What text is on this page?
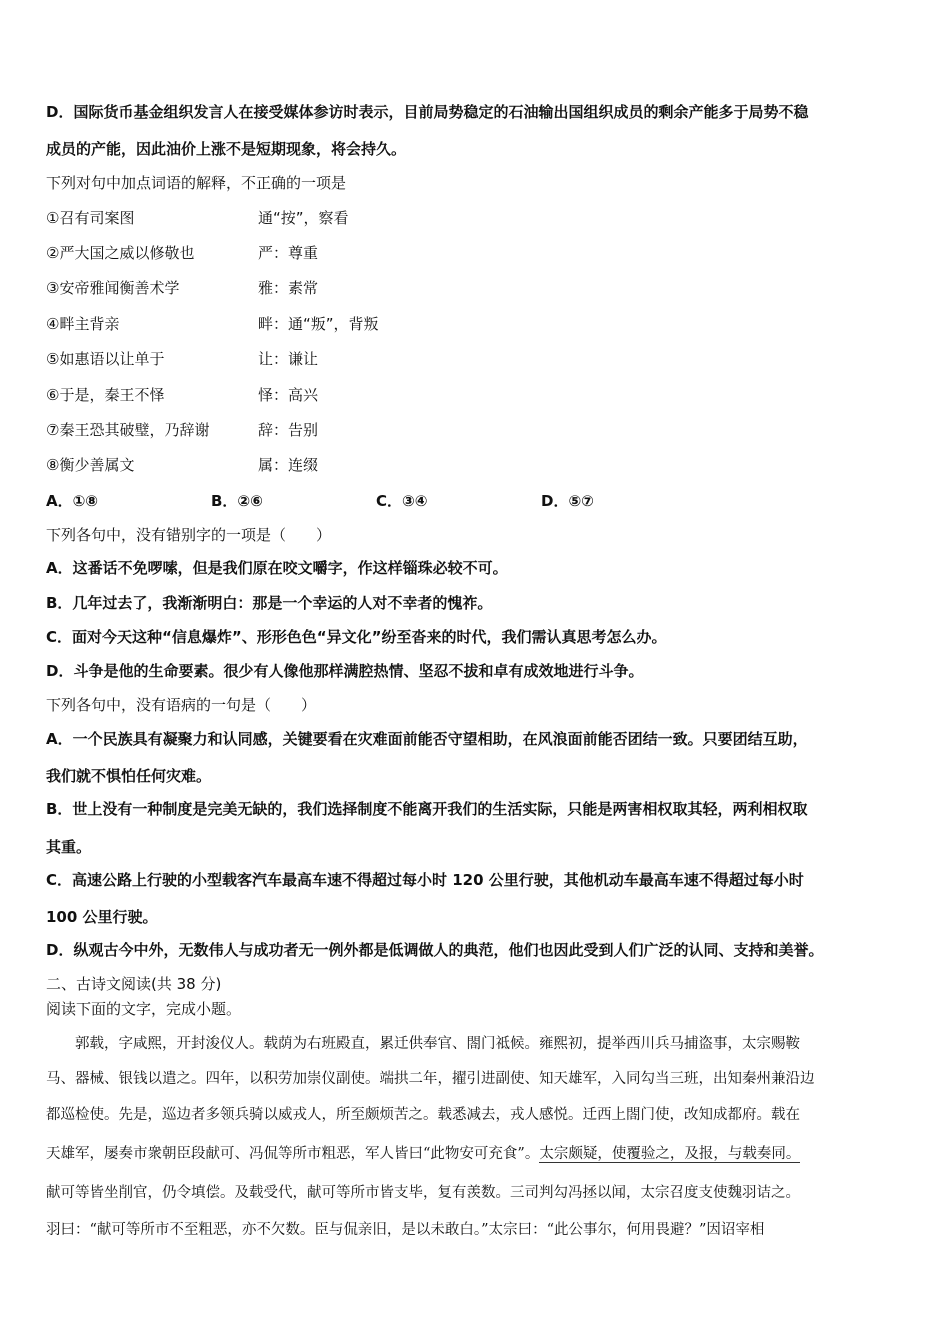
D．国际货币基金组织发言人在接受媒体参访时表示，目前局势稳定的石油输出国组织成员的剩余产能多于局势不稳
成员的产能，因此油价上涨不是短期现象，将会持久。
下列对句中加点词语的解释，不正确的一项是
①召有司案图	通“按”，察看
②严大国之威以修敬也	严：尊重
③安帝雅闻衡善术学	雅：素常
④畔主背亲	畔：通“叛”，背叛
⑤如惠语以让单于	让：谦让
⑥于是，秦王不怿	怿：高兴
⑦秦王恐其破璧，乃辞谢	辞：告别
⑧衡少善属文	属：连缀
A．①⑧	B．②⑥	C．③④	D．⑤⑦
下列各句中，没有错别字的一项是（　　）
A．这番话不免啰嗦，但是我们原在咬文嚼字，作这样锱珠必较不可。
B．几年过去了，我渐渐明白：那是一个幸运的人对不幸者的愧祚。
C．面对今天这种“信息爆炸”、形形色色“异文化”纷至沓来的时代，我们需认真思考怎么办。
D．斗争是他的生命要素。很少有人像他那样满腔热情、坚忍不拔和卓有成效地进行斗争。
下列各句中，没有语病的一句是（　　）
A．一个民族具有凝聚力和认同感，关键要看在灾难面前能否守望相助，在风浪面前能否团结一致。只要团结互助，
我们就不惧怕任何灾难。
B．世上没有一种制度是完美无缺的，我们选择制度不能离开我们的生活实际，只能是两害相权取其轻，两利相权取
其重。
C．高速公路上行驶的小型载客汽车最高车速不得超过每小时 120 公里行驶，其他机动车最高车速不得超过每小时
100 公里行驶。
D．纵观古今中外，无数伟人与成功者无一例外都是低调做人的典范，他们也因此受到人们广泛的认同、支持和美誉。
二、古诗文阅读(共 38 分)
阅读下面的文字，完成小题。
　　郭载，字咸熙，开封浚仪人。载荫为右班殿直，累迁供奉官、閤门祗候。雍熙初，提举西川兵马捕盗事，太宗赐鞍
马、器械、银钱以遣之。四年，以积劳加崇仪副使。端拱二年，擢引进副使、知天雄军，入同勾当三班，出知秦州兼沿边
都巡检使。先是，巡边者多领兵骑以威戎人，所至颇烦苦之。载悉减去，戎人感悦。迁西上閤门使，改知成都府。载在
天雄军，屡奏市衆朝臣段献可、冯侃等所市粗恶，军人皆曰“此物安可充食”。太宗颇疑，使覆验之，及报，与载奏同。
献可等皆坐削官，仍令填偿。及载受代，献可等所市皆支毕，复有羡数。三司判勾冯拯以闻，太宗召度支使魏羽诘之。
羽曰：“献可等所市不至粗恶，亦不欠数。臣与侃亲旧，是以未敢白。”太宗曰：“此公事尔，何用畏避？”因诏宰相
